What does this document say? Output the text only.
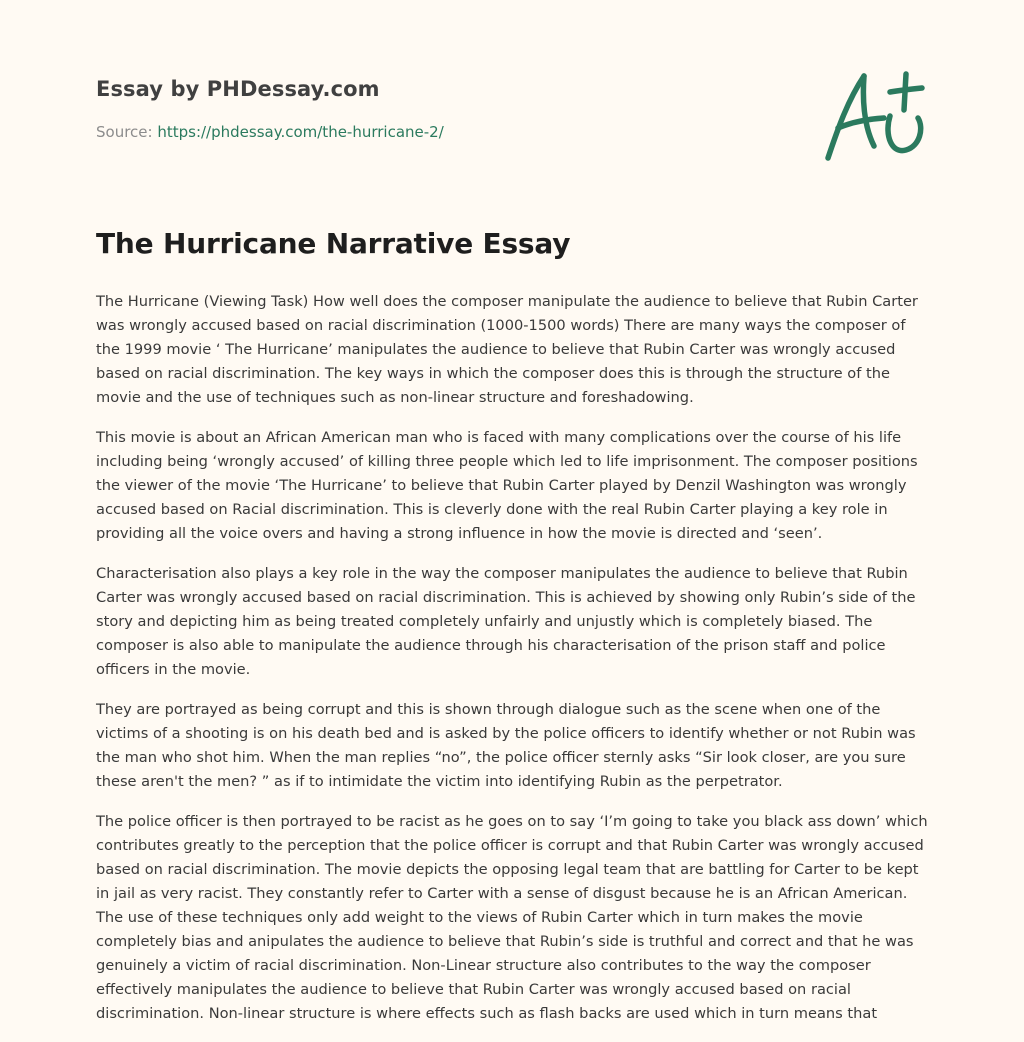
Essay by PHDessay.com
Source: https://phdessay.com/the-hurricane-2/
The Hurricane Narrative Essay

The Hurricane (Viewing Task) How well does the composer manipulate the audience to believe that Rubin Carter was wrongly accused based on racial discrimination (1000-1500 words) There are many ways the composer of the 1999 movie ‘ The Hurricane’ manipulates the audience to believe that Rubin Carter was wrongly accused based on racial discrimination. The key ways in which the composer does this is through the structure of the movie and the use of techniques such as non-linear structure and foreshadowing.

This movie is about an African American man who is faced with many complications over the course of his life including being ‘wrongly accused’ of killing three people which led to life imprisonment. The composer positions the viewer of the movie ‘The Hurricane’ to believe that Rubin Carter played by Denzil Washington was wrongly accused based on Racial discrimination. This is cleverly done with the real Rubin Carter playing a key role in providing all the voice overs and having a strong influence in how the movie is directed and ‘seen’.

Characterisation also plays a key role in the way the composer manipulates the audience to believe that Rubin Carter was wrongly accused based on racial discrimination. This is achieved by showing only Rubin’s side of the story and depicting him as being treated completely unfairly and unjustly which is completely biased. The composer is also able to manipulate the audience through his characterisation of the prison staff and police officers in the movie.

They are portrayed as being corrupt and this is shown through dialogue such as the scene when one of the victims of a shooting is on his death bed and is asked by the police officers to identify whether or not Rubin was the man who shot him. When the man replies “no”, the police officer sternly asks “Sir look closer, are you sure these aren't the men? ” as if to intimidate the victim into identifying Rubin as the perpetrator.

The police officer is then portrayed to be racist as he goes on to say ‘I’m going to take you black ass down’ which contributes greatly to the perception that the police officer is corrupt and that Rubin Carter was wrongly accused based on racial discrimination. The movie depicts the opposing legal team that are battling for Carter to be kept in jail as very racist. They constantly refer to Carter with a sense of disgust because he is an African American. The use of these techniques only add weight to the views of Rubin Carter which in turn makes the movie completely bias and anipulates the audience to believe that Rubin’s side is truthful and correct and that he was genuinely a victim of racial discrimination. Non-Linear structure also contributes to the way the composer effectively manipulates the audience to believe that Rubin Carter was wrongly accused based on racial discrimination. Non-linear structure is where effects such as flash backs are used which in turn means that
